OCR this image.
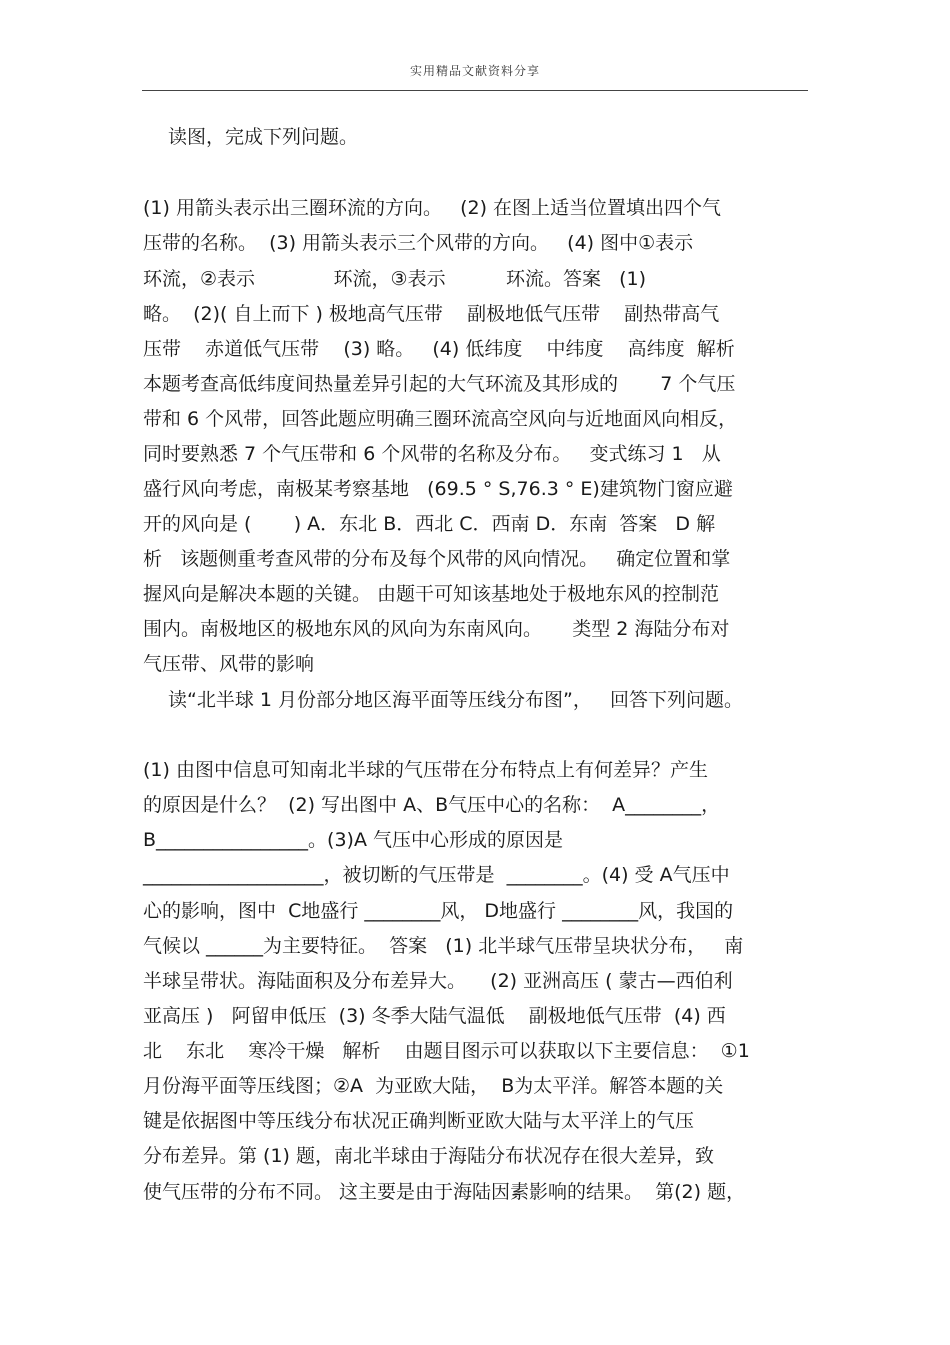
实用精品文献资料分享
读图，完成下列问题。
(1) 用箭头表示出三圈环流的方向。   (2) 在图上适当位置填出四个气
压带的名称。  (3) 用箭头表示三个风带的方向。   (4) 图中①表示
环流，②表示             环流，③表示          环流。答案   (1)
略。  (2)( 自上而下 ) 极地高气压带    副极地低气压带    副热带高气
压带    赤道低气压带    (3) 略。   (4) 低纬度    中纬度    高纬度  解析
本题考查高低纬度间热量差异引起的大气环流及其形成的       7 个气压
带和 6 个风带，回答此题应明确三圈环流高空风向与近地面风向相反，
同时要熟悉 7 个气压带和 6 个风带的名称及分布。   变式练习 1   从
盛行风向考虑，南极某考察基地   (69.5 ° S,76.3 ° E)建筑物门窗应避
开的风向是 (       ) A．东北 B．西北 C．西南 D．东南  答案   D 解
析   该题侧重考查风带的分布及每个风带的风向情况。   确定位置和掌
握风向是解决本题的关键。 由题干可知该基地处于极地东风的控制范
围内。南极地区的极地东风的风向为东南风向。     类型 2 海陆分布对
气压带、风带的影响
读“北半球 1 月份部分地区海平面等压线分布图”，   回答下列问题。
(1) 由图中信息可知南北半球的气压带在分布特点上有何差异？产生
的原因是什么？  (2) 写出图中 A、B气压中心的名称：  A________，
B________________。(3)A 气压中心形成的原因是
___________________，被切断的气压带是  ________。(4) 受 A气压中
心的影响，图中  C地盛行 ________风， D地盛行 ________风，我国的
气候以 ______为主要特征。  答案   (1) 北半球气压带呈块状分布，   南
半球呈带状。海陆面积及分布差异大。    (2) 亚洲高压 ( 蒙古—西伯利
亚高压 )   阿留申低压  (3) 冬季大陆气温低    副极地低气压带  (4) 西
北    东北    寒冷干燥   解析    由题目图示可以获取以下主要信息：  ①1
月份海平面等压线图；②A  为亚欧大陆，  B为太平洋。解答本题的关
键是依据图中等压线分布状况正确判断亚欧大陆与太平洋上的气压
分布差异。第 (1) 题，南北半球由于海陆分布状况存在很大差异，致
使气压带的分布不同。 这主要是由于海陆因素影响的结果。  第(2) 题，
